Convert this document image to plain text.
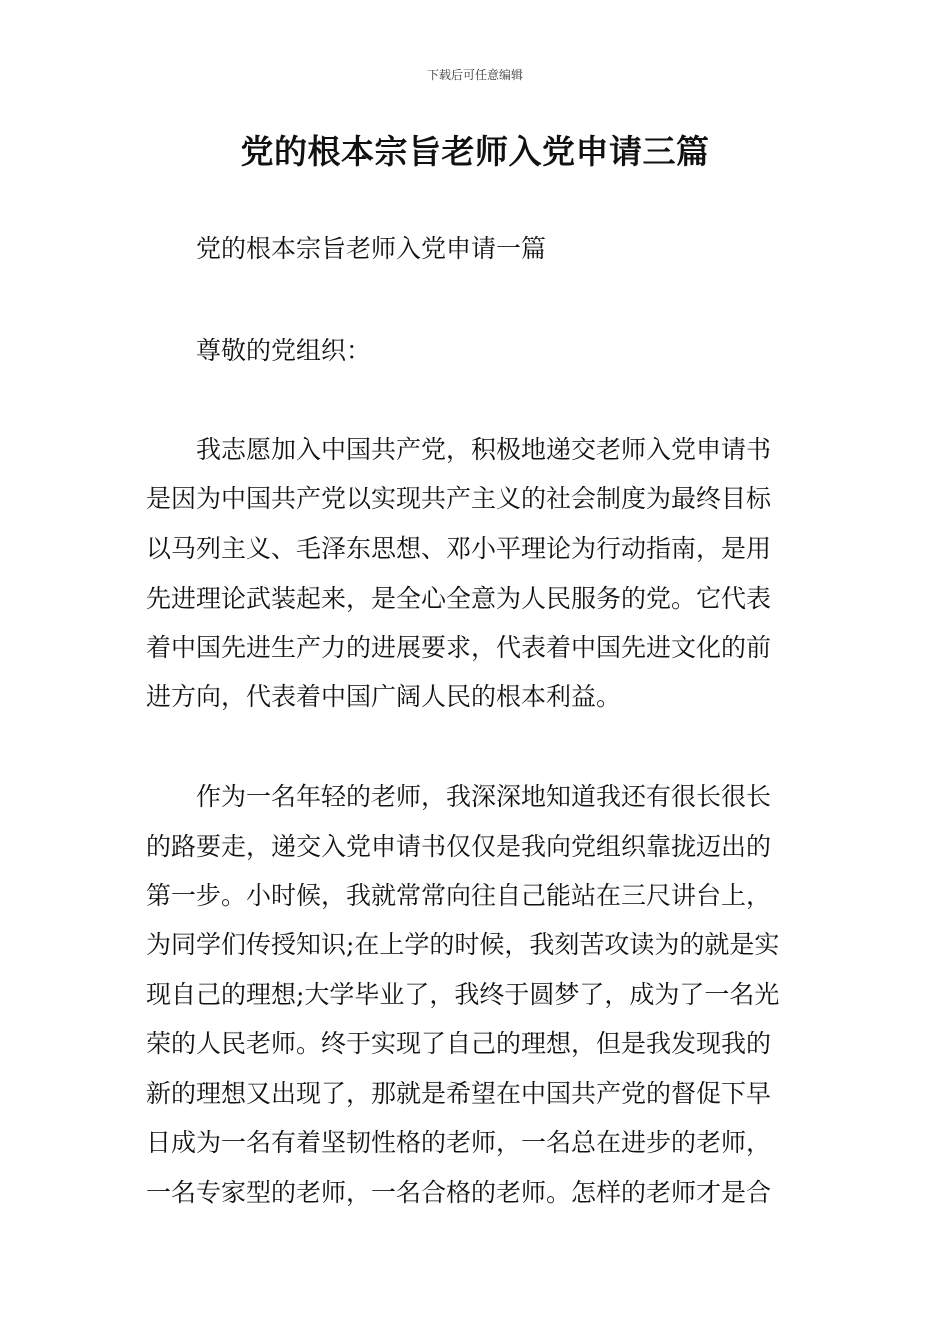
下载后可任意编辑
党的根本宗旨老师入党申请三篇
党的根本宗旨老师入党申请一篇
尊敬的党组织：
我志愿加入中国共产党，积极地递交老师入党申请书
是因为中国共产党以实现共产主义的社会制度为最终目标
以马列主义、毛泽东思想、邓小平理论为行动指南，是用
先进理论武装起来，是全心全意为人民服务的党。它代表
着中国先进生产力的进展要求，代表着中国先进文化的前
进方向，代表着中国广阔人民的根本利益。
作为一名年轻的老师，我深深地知道我还有很长很长
的路要走，递交入党申请书仅仅是我向党组织靠拢迈出的
第一步。小时候，我就常常向往自己能站在三尺讲台上，
为同学们传授知识;在上学的时候，我刻苦攻读为的就是实
现自己的理想;大学毕业了，我终于圆梦了，成为了一名光
荣的人民老师。终于实现了自己的理想，但是我发现我的
新的理想又出现了，那就是希望在中国共产党的督促下早
日成为一名有着坚韧性格的老师，一名总在进步的老师，
一名专家型的老师，一名合格的老师。怎样的老师才是合
